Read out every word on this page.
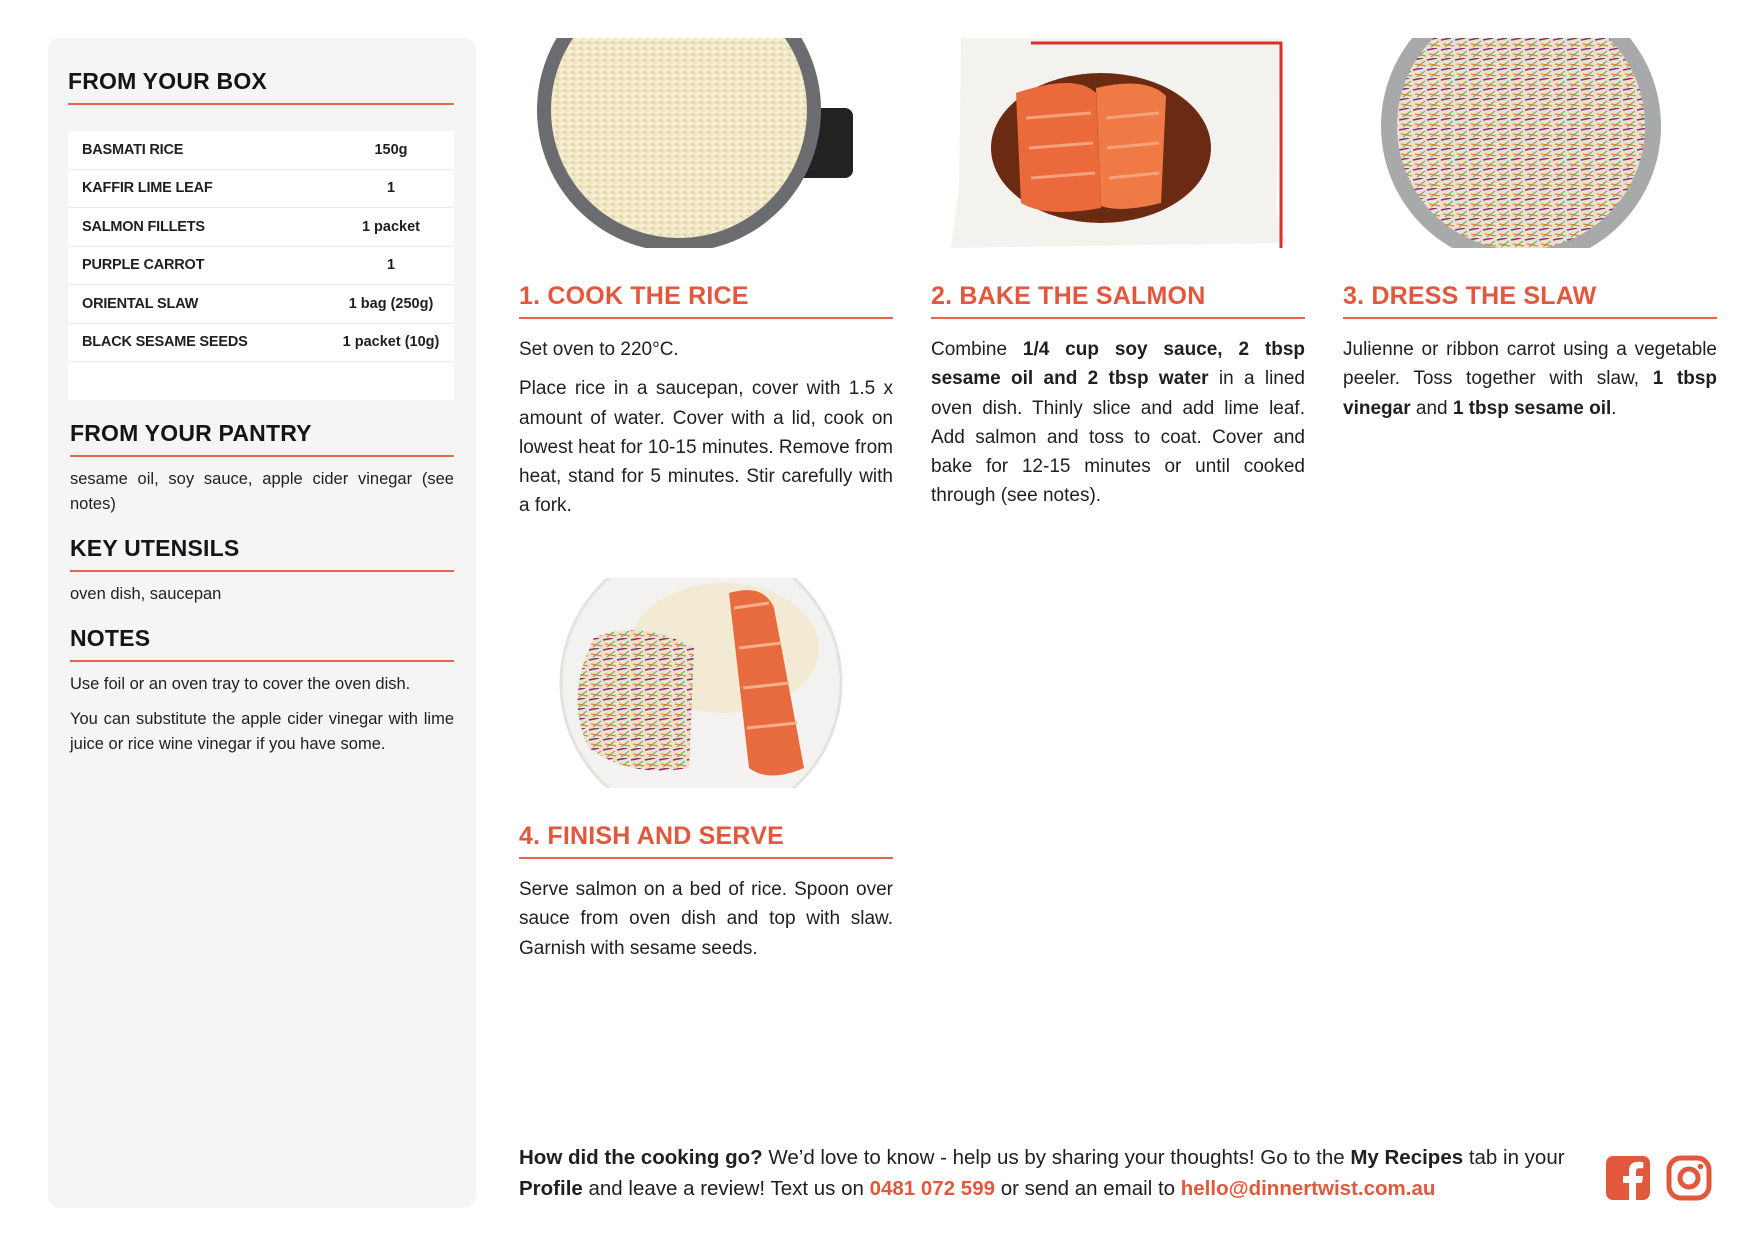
FROM YOUR BOX
BASMATI RICE	150g
KAFFIR LIME LEAF	1
SALMON FILLETS	1 packet
PURPLE CARROT	1
ORIENTAL SLAW	1 bag (250g)
BLACK SESAME SEEDS	1 packet (10g)
FROM YOUR PANTRY

sesame oil, soy sauce, apple cider vinegar (see notes)

KEY UTENSILS

oven dish, saucepan

NOTES

Use foil or an oven tray to cover the oven dish.

You can substitute the apple cider vinegar with lime juice or rice wine vinegar if you have some.

1. COOK THE RICE

Set oven to 220°C.

Place rice in a saucepan, cover with 1.5 x amount of water. Cover with a lid, cook on lowest heat for 10-15 minutes. Remove from heat, stand for 5 minutes. Stir carefully with a fork.

2. BAKE THE SALMON

Combine 1/4 cup soy sauce, 2 tbsp sesame oil and 2 tbsp water in a lined oven dish. Thinly slice and add lime leaf. Add salmon and toss to coat. Cover and bake for 12-15 minutes or until cooked through (see notes).

3. DRESS THE SLAW

Julienne or ribbon carrot using a vegetable peeler. Toss together with slaw, 1 tbsp vinegar and 1 tbsp sesame oil.

4. FINISH AND SERVE

Serve salmon on a bed of rice. Spoon over sauce from oven dish and top with slaw. Garnish with sesame seeds.

How did the cooking go? We’d love to know - help us by sharing your thoughts! Go to the My Recipes tab in your Profile and leave a review! Text us on 0481 072 599 or send an email to hello@dinnertwist.com.au
